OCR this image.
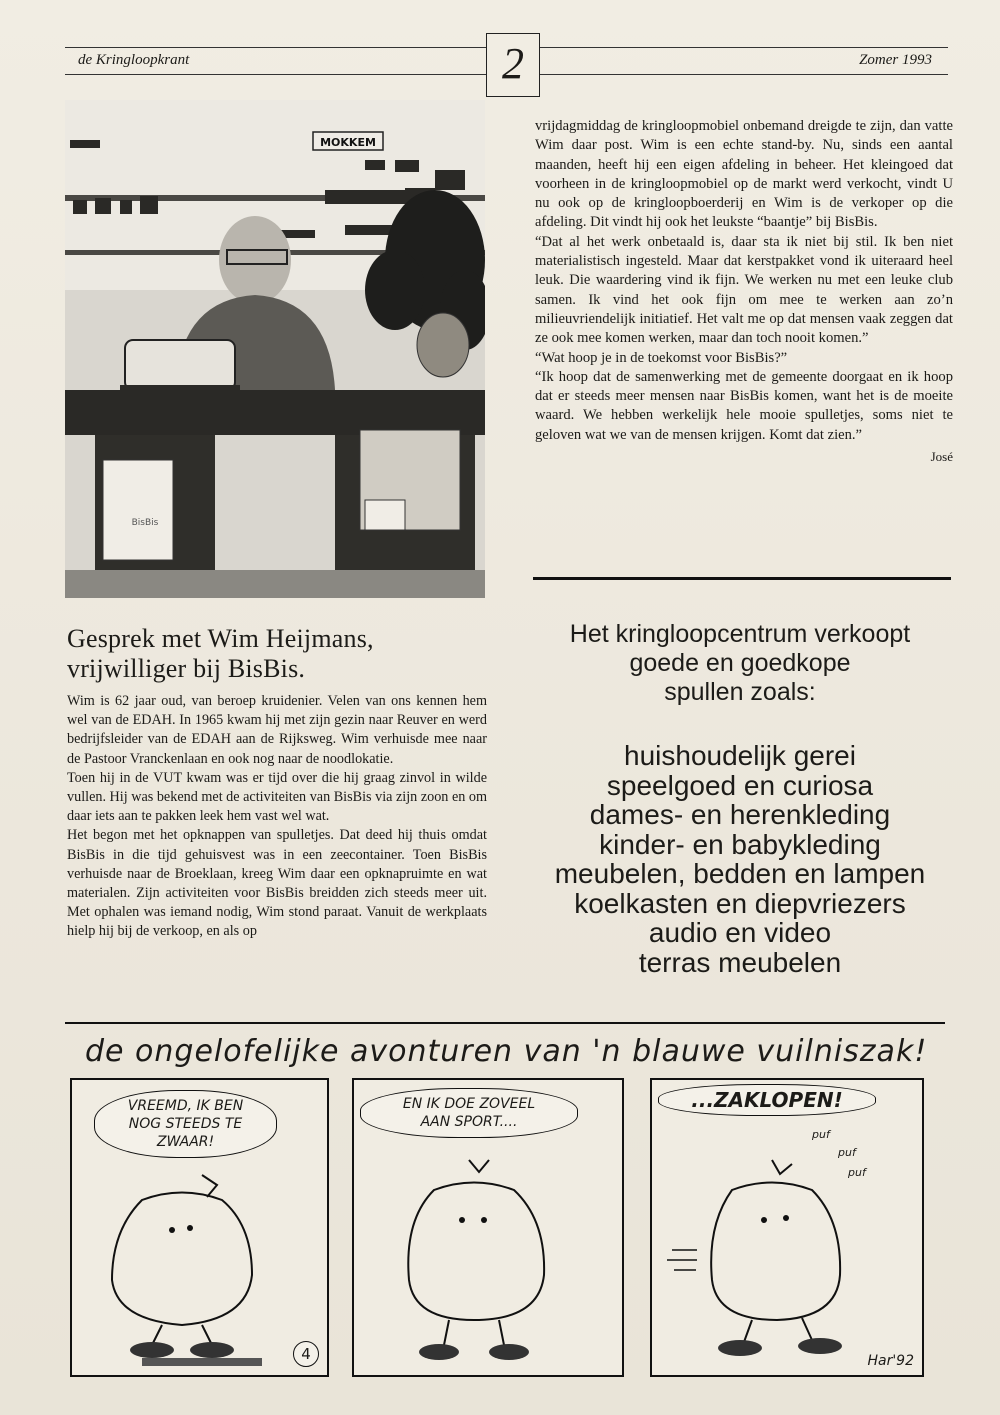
de Kringloopkrant	2	Zomer 1993
MOKKEM
BisBis

vrijdagmiddag de kringloopmobiel onbemand dreigde te zijn, dan vatte Wim daar post. Wim is een echte stand-by. Nu, sinds een aantal maanden, heeft hij een eigen afdeling in beheer. Het kleingoed dat voorheen in de kringloopmobiel op de markt werd verkocht, vindt U nu ook op de kringloopboerderij en Wim is de verkoper op die afdeling. Dit vindt hij ook het leukste “baantje” bij BisBis.

“Dat al het werk onbetaald is, daar sta ik niet bij stil. Ik ben niet materialistisch ingesteld. Maar dat kerstpakket vond ik uiteraard heel leuk. Die waardering vind ik fijn. We werken nu met een leuke club samen. Ik vind het ook fijn om mee te werken aan zo’n milieuvriendelijk initiatief. Het valt me op dat mensen vaak zeggen dat ze ook mee komen werken, maar dan toch nooit komen.”

“Wat hoop je in de toekomst voor BisBis?”

“Ik hoop dat de samenwerking met de gemeente doorgaat en ik hoop dat er steeds meer mensen naar BisBis komen, want het is de moeite waard. We hebben werkelijk hele mooie spulletjes, soms niet te geloven wat we van de mensen krijgen. Komt dat zien.”

José

Gesprek met Wim Heijmans,
vrijwilliger bij BisBis.

Wim is 62 jaar oud, van beroep kruidenier. Velen van ons kennen hem wel van de EDAH. In 1965 kwam hij met zijn gezin naar Reuver en werd bedrijfsleider van de EDAH aan de Rijksweg. Wim verhuisde mee naar de Pastoor Vranckenlaan en ook nog naar de noodlokatie.

Toen hij in de VUT kwam was er tijd over die hij graag zinvol in wilde vullen. Hij was bekend met de activiteiten van BisBis via zijn zoon en om daar iets aan te pakken leek hem vast wel wat.

Het begon met het opknappen van spulletjes. Dat deed hij thuis omdat BisBis in die tijd gehuisvest was in een zeecontainer. Toen BisBis verhuisde naar de Broeklaan, kreeg Wim daar een opknapruimte en wat materialen. Zijn activiteiten voor BisBis breidden zich steeds meer uit. Met ophalen was iemand nodig, Wim stond paraat. Vanuit de werkplaats hielp hij bij de verkoop, en als op

Het kringloopcentrum verkoopt
goede en goedkope
spullen zoals:

huishoudelijk gerei

speelgoed en curiosa

dames- en herenkleding

kinder- en babykleding

meubelen, bedden en lampen

koelkasten en diepvriezers

audio en video

terras meubelen

de ongelofelijke avonturen van 'n blauwe vuilniszak!
VREEMD, IK BEN
NOG STEEDS TE
ZWAAR!
4
EN IK DOE ZOVEEL
AAN SPORT....
...ZAKLOPEN!
puf
puf
puf
Har'92
